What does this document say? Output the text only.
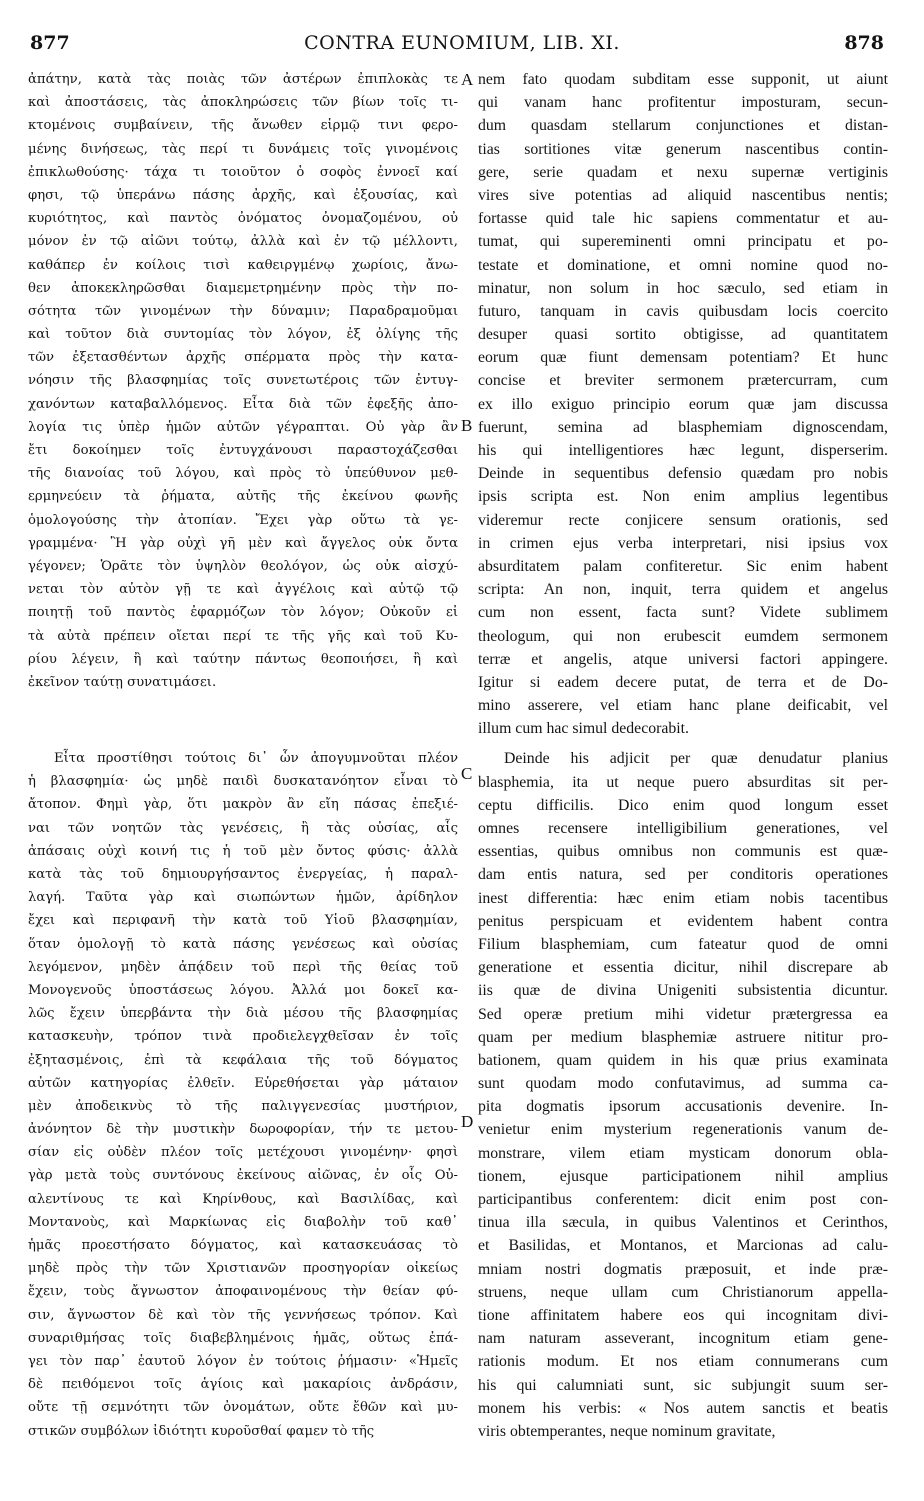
877	CONTRA EUNOMIUM, LIB. XI.	878
ἀπάτην, κατὰ τὰς ποιὰς τῶν ἀστέρων ἐπιπλοκὰς τε
καὶ ἀποστάσεις, τὰς ἀποκληρώσεις τῶν βίων τοῖς τι-
κτομένοις συμβαίνειν, τῆς ἄνωθεν εἱρμῷ τινι φερο-
μένης δινήσεως, τὰς περί τι δυνάμεις τοῖς γινομένοις
ἐπικλωθούσης· τάχα τι τοιοῦτον ὁ σοφὸς ἐννοεῖ καί
φησι, τῷ ὑπεράνω πάσης ἀρχῆς, καὶ ἐξουσίας, καὶ
κυριότητος, καὶ παντὸς ὀνόματος ὀνομαζομένου, οὐ
μόνον ἐν τῷ αἰῶνι τούτῳ, ἀλλὰ καὶ ἐν τῷ μέλλοντι,
καθάπερ ἐν κοίλοις τισὶ καθειργμένῳ χωρίοις, ἄνω-
θεν ἀποκεκληρῶσθαι διαμεμετρημένην πρὸς τὴν πο-
σότητα τῶν γινομένων τὴν δύναμιν; Παραδραμοῦμαι
καὶ τοῦτον διὰ συντομίας τὸν λόγον, ἐξ ὀλίγης τῆς
τῶν ἐξετασθέντων ἀρχῆς σπέρματα πρὸς τὴν κατα-
νόησιν τῆς βλασφημίας τοῖς συνετωτέροις τῶν ἐντυγ-
χανόντων καταβαλλόμενος. Εἶτα διὰ τῶν ἐφεξῆς ἀπο-
λογία τις ὑπὲρ ἡμῶν αὐτῶν γέγραπται. Οὐ γὰρ ἂν
ἔτι δοκοίημεν τοῖς ἐντυγχάνουσι παραστοχάζεσθαι
τῆς διανοίας τοῦ λόγου, καὶ πρὸς τὸ ὑπεύθυνον μεθ-
ερμηνεύειν τὰ ῥήματα, αὐτῆς τῆς ἐκείνου φωνῆς
ὁμολογούσης τὴν ἀτοπίαν. Ἔχει γὰρ οὕτω τὰ γε-
γραμμένα· Ἢ γὰρ οὐχὶ γῆ μὲν καὶ ἄγγελος οὐκ ὄντα
γέγονεν; Ὁρᾶτε τὸν ὑψηλὸν θεολόγον, ὡς οὐκ αἰσχύ-
νεται τὸν αὐτὸν γῇ τε καὶ ἀγγέλοις καὶ αὐτῷ τῷ
ποιητῇ τοῦ παντὸς ἐφαρμόζων τὸν λόγον; Οὐκοῦν εἰ
τὰ αὐτὰ πρέπειν οἴεται περί τε τῆς γῆς καὶ τοῦ Κυ-
ρίου λέγειν, ἢ καὶ ταύτην πάντως θεοποιήσει, ἢ καὶ
ἐκεῖνον ταύτῃ συνατιμάσει.
Εἶτα προστίθησι τούτοις δι᾽ ὧν ἀπογυμνοῦται πλέον
ἡ βλασφημία· ὡς μηδὲ παιδὶ δυσκατανόητον εἶναι τὸ
ἄτοπον. Φημὶ γὰρ, ὅτι μακρὸν ἂν εἴη πάσας ἐπεξιέ-
ναι τῶν νοητῶν τὰς γενέσεις, ἢ τὰς οὐσίας, αἷς
ἁπάσαις οὐχὶ κοινή τις ἡ τοῦ μὲν ὄντος φύσις· ἀλλὰ
κατὰ τὰς τοῦ δημιουργήσαντος ἐνεργείας, ἡ παραλ-
λαγή. Ταῦτα γὰρ καὶ σιωπώντων ἡμῶν, ἀρίδηλον
ἔχει καὶ περιφανῆ τὴν κατὰ τοῦ Υἱοῦ βλασφημίαν,
ὅταν ὁμολογῇ τὸ κατὰ πάσης γενέσεως καὶ οὐσίας
λεγόμενον, μηδὲν ἀπᾴδειν τοῦ περὶ τῆς θείας τοῦ
Μονογενοῦς ὑποστάσεως λόγου. Ἀλλά μοι δοκεῖ κα-
λῶς ἔχειν ὑπερβάντα τὴν διὰ μέσου τῆς βλασφημίας
κατασκευὴν, τρόπον τινὰ προδιελεγχθεῖσαν ἐν τοῖς
ἐξητασμένοις, ἐπὶ τὰ κεφάλαια τῆς τοῦ δόγματος
αὐτῶν κατηγορίας ἐλθεῖν. Εὑρεθήσεται γὰρ μάταιον
μὲν ἀποδεικνὺς τὸ τῆς παλιγγενεσίας μυστήριον,
ἀνόνητον δὲ τὴν μυστικὴν δωροφορίαν, τήν τε μετου-
σίαν εἰς οὐδὲν πλέον τοῖς μετέχουσι γινομένην· φησὶ
γὰρ μετὰ τοὺς συντόνους ἐκείνους αἰῶνας, ἐν οἷς Οὐ-
αλεντίνους τε καὶ Κηρίνθους, καὶ Βασιλίδας, καὶ
Μοντανοὺς, καὶ Μαρκίωνας εἰς διαβολὴν τοῦ καθ᾽
ἡμᾶς προεστήσατο δόγματος, καὶ κατασκευάσας τὸ
μηδὲ πρὸς τὴν τῶν Χριστιανῶν προσηγορίαν οἰκείως
ἔχειν, τοὺς ἄγνωστον ἀποφαινομένους τὴν θείαν φύ-
σιν, ἄγνωστον δὲ καὶ τὸν τῆς γεννήσεως τρόπον. Καὶ
συναριθμήσας τοῖς διαβεβλημένοις ἡμᾶς, οὕτως ἐπά-
γει τὸν παρ᾽ ἑαυτοῦ λόγον ἐν τούτοις ῥήμασιν· «Ἡμεῖς
δὲ πειθόμενοι τοῖς ἁγίοις καὶ μακαρίοις ἀνδράσιν,
οὔτε τῇ σεμνότητι τῶν ὀνομάτων, οὔτε ἔθῶν καὶ μυ-
στικῶν συμβόλων ἰδιότητι κυροῦσθαί φαμεν τὸ τῆς
nem fato quodam subditam esse supponit, ut aiunt
qui vanam hanc profitentur imposturam, secun-
dum quasdam stellarum conjunctiones et distan-
tias sortitiones vitæ generum nascentibus contin-
gere, serie quadam et nexu supernæ vertiginis
vires sive potentias ad aliquid nascentibus nentis;
fortasse quid tale hic sapiens commentatur et au-
tumat, qui supereminenti omni principatu et po-
testate et dominatione, et omni nomine quod no-
minatur, non solum in hoc sæculo, sed etiam in
futuro, tanquam in cavis quibusdam locis coercito
desuper quasi sortito obtigisse, ad quantitatem
eorum quæ fiunt demensam potentiam? Et hunc
concise et breviter sermonem prætercurram, cum
ex illo exiguo principio eorum quæ jam discussa
fuerunt, semina ad blasphemiam dignoscendam,
his qui intelligentiores hæc legunt, disperserim.
Deinde in sequentibus defensio quædam pro nobis
ipsis scripta est. Non enim amplius legentibus
videremur recte conjicere sensum orationis, sed
in crimen ejus verba interpretari, nisi ipsius vox
absurditatem palam confiteretur. Sic enim habent
scripta: An non, inquit, terra quidem et angelus
cum non essent, facta sunt? Videte sublimem
theologum, qui non erubescit eumdem sermonem
terræ et angelis, atque universi factori appingere.
Igitur si eadem decere putat, de terra et de Do-
mino asserere, vel etiam hanc plane deificabit, vel
illum cum hac simul dedecorabit.
Deinde his adjicit per quæ denudatur planius
blasphemia, ita ut neque puero absurditas sit per-
ceptu difficilis. Dico enim quod longum esset
omnes recensere intelligibilium generationes, vel
essentias, quibus omnibus non communis est quæ-
dam entis natura, sed per conditoris operationes
inest differentia: hæc enim etiam nobis tacentibus
penitus perspicuam et evidentem habent contra
Filium blasphemiam, cum fateatur quod de omni
generatione et essentia dicitur, nihil discrepare ab
iis quæ de divina Unigeniti subsistentia dicuntur.
Sed operæ pretium mihi videtur prætergressa ea
quam per medium blasphemiæ astruere nititur pro-
bationem, quam quidem in his quæ prius examinata
sunt quodam modo confutavimus, ad summa ca-
pita dogmatis ipsorum accusationis devenire. In-
venietur enim mysterium regenerationis vanum de-
monstrare, vilem etiam mysticam donorum obla-
tionem, ejusque participationem nihil amplius
participantibus conferentem: dicit enim post con-
tinua illa sæcula, in quibus Valentinos et Cerinthos,
et Basilidas, et Montanos, et Marcionas ad calu-
mniam nostri dogmatis præposuit, et inde præ-
struens, neque ullam cum Christianorum appella-
tione affinitatem habere eos qui incognitam divi-
nam naturam asseverant, incognitum etiam gene-
rationis modum. Et nos etiam connumerans cum
his qui calumniati sunt, sic subjungit suum ser-
monem his verbis: « Nos autem sanctis et beatis
viris obtemperantes, neque nominum gravitate,
A
B
C
D
